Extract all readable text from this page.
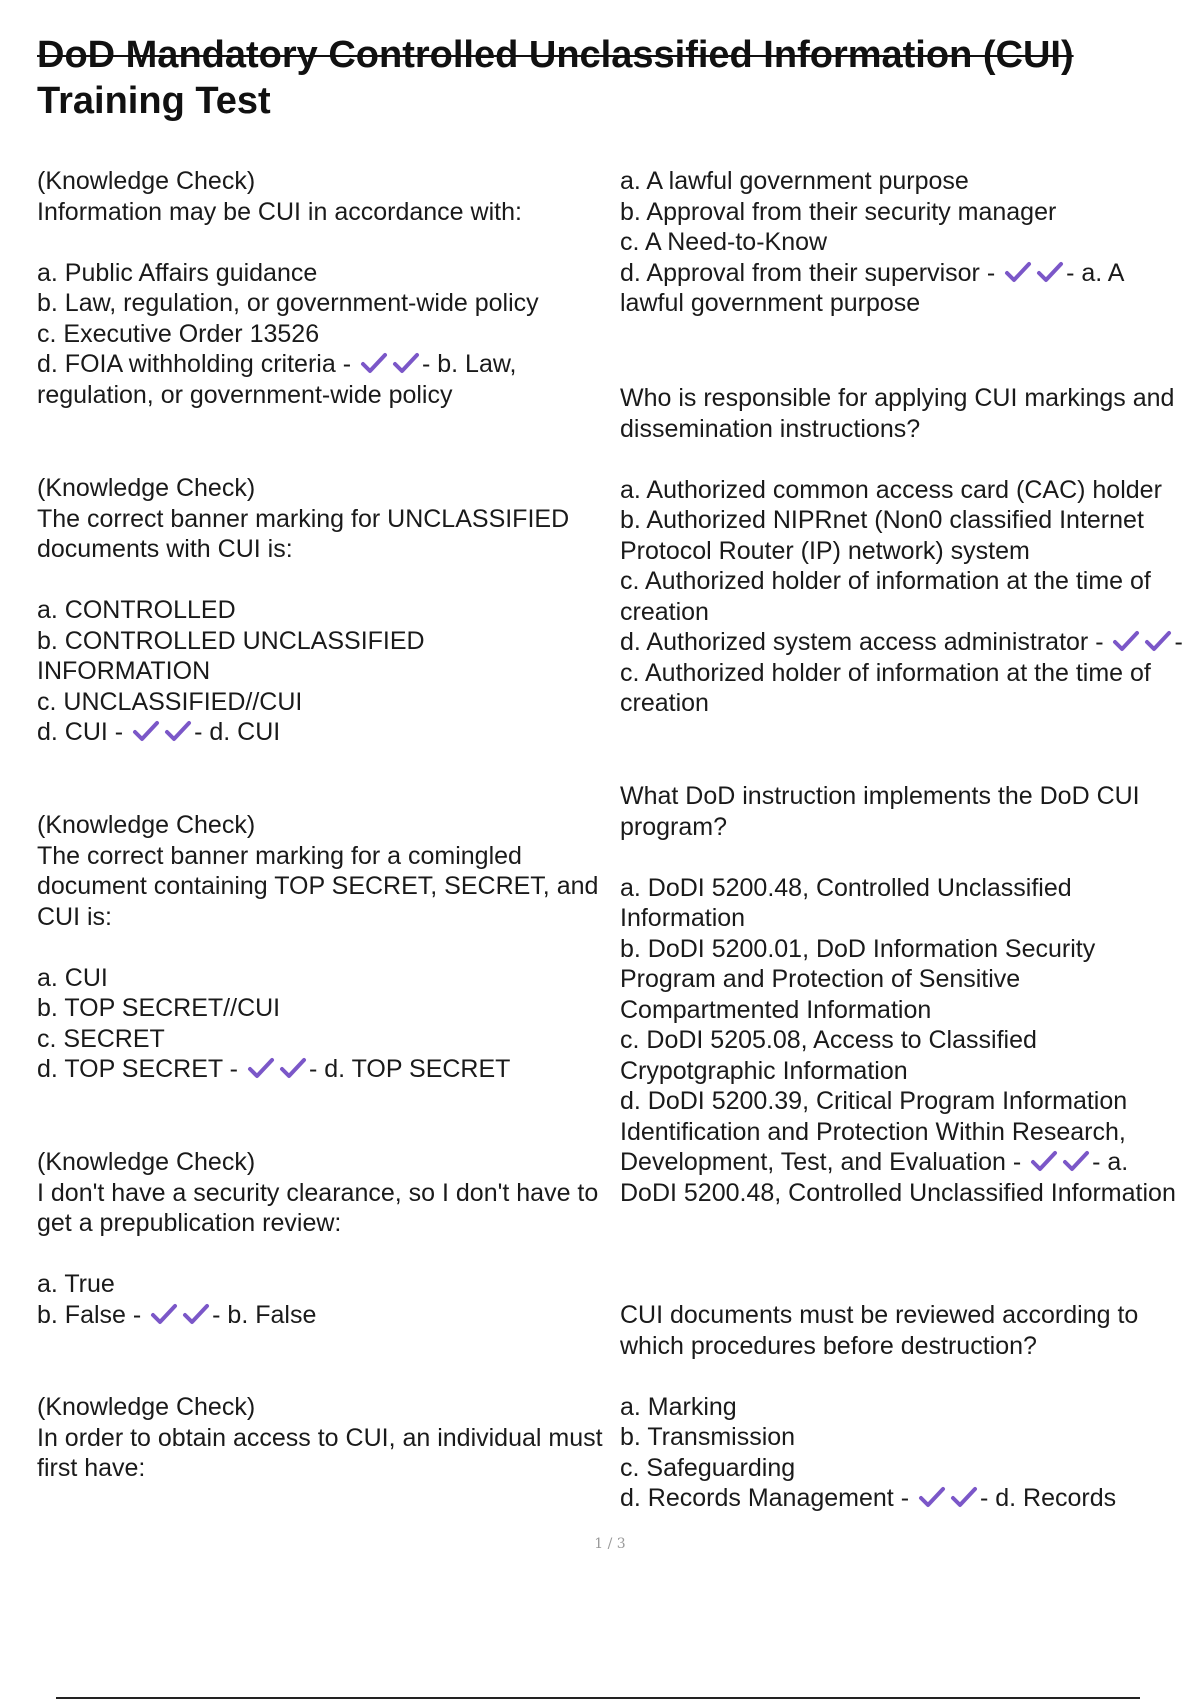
DoD Mandatory Controlled Unclassified Information (CUI)
Training Test
(Knowledge Check)
Information may be CUI in accordance with:
a. Public Affairs guidance
b. Law, regulation, or government-wide policy
c. Executive Order 13526
d. FOIA withholding criteria -	- b. Law, regulation, or government-wide policy
(Knowledge Check)
The correct banner marking for UNCLASSIFIED documents with CUI is:
a. CONTROLLED
b. CONTROLLED UNCLASSIFIED INFORMATION
c. UNCLASSIFIED//CUI
d. CUI -	- d. CUI
(Knowledge Check)
The correct banner marking for a comingled document containing TOP SECRET, SECRET, and CUI is:
a. CUI
b. TOP SECRET//CUI
c. SECRET
d. TOP SECRET -	- d. TOP SECRET
(Knowledge Check)
I don't have a security clearance, so I don't have to get a prepublication review:
a. True
b. False -	- b. False
(Knowledge Check)
In order to obtain access to CUI, an individual must first have:
a. A lawful government purpose
b. Approval from their security manager
c. A Need-to-Know
d. Approval from their supervisor -	- a. A lawful government purpose
Who is responsible for applying CUI markings and dissemination instructions?
a. Authorized common access card (CAC) holder
b. Authorized NIPRnet (Non0 classified Internet Protocol Router (IP) network) system
c. Authorized holder of information at the time of creation
d. Authorized system access administrator -	- c. Authorized holder of information at the time of creation
What DoD instruction implements the DoD CUI program?
a. DoDI 5200.48, Controlled Unclassified Information
b. DoDI 5200.01, DoD Information Security Program and Protection of Sensitive Compartmented Information
c. DoDI 5205.08, Access to Classified Crypotgraphic Information
d. DoDI 5200.39, Critical Program Information Identification and Protection Within Research, Development, Test, and Evaluation -	- a. DoDI 5200.48, Controlled Unclassified Information
CUI documents must be reviewed according to which procedures before destruction?
a. Marking
b. Transmission
c. Safeguarding
d. Records Management -	- d. Records
1 / 3
